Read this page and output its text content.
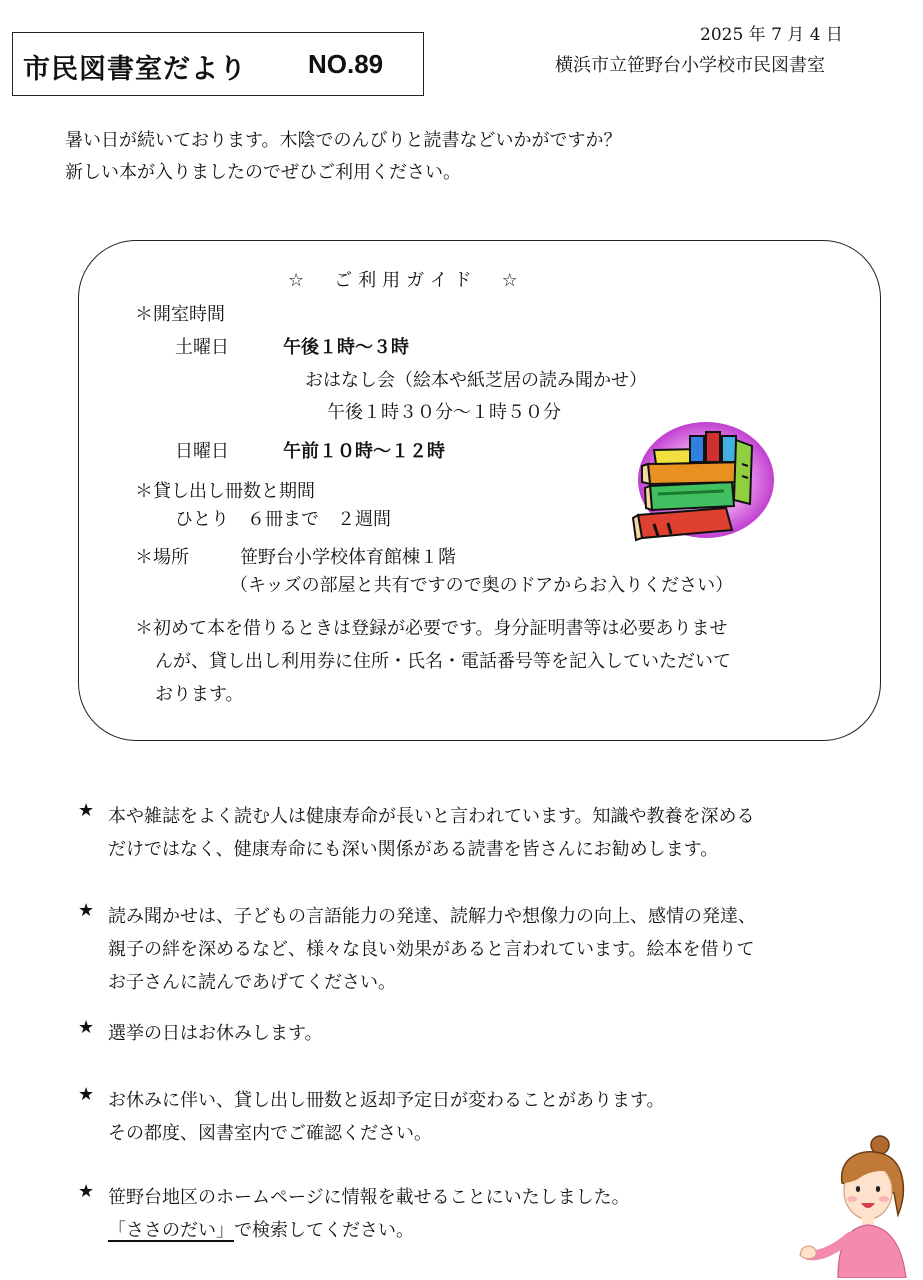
市民図書室だより NO.89
2025 年 7 月 4 日
横浜市立笹野台小学校市民図書室
暑い日が続いております。木陰でのんびりと読書などいかがですか？
新しい本が入りましたのでぜひご利用ください。
☆　ご利用ガイド　☆
＊開室時間
土曜日	午後１時～３時
おはなし会（絵本や紙芝居の読み聞かせ）
午後１時３０分～１時５０分
日曜日	午前１０時～１２時
＊貸し出し冊数と期間
ひとり　６冊まで　２週間
＊場所	笹野台小学校体育館棟１階
（キッズの部屋と共有ですので奥のドアからお入りください）
＊初めて本を借りるときは登録が必要です。身分証明書等は必要ありませ
んが、貸し出し利用券に住所・氏名・電話番号等を記入していただいて
おります。
★ 本や雑誌をよく読む人は健康寿命が長いと言われています。知識や教養を深める
だけではなく、健康寿命にも深い関係がある読書を皆さんにお勧めします。
★ 読み聞かせは、子どもの言語能力の発達、読解力や想像力の向上、感情の発達、
親子の絆を深めるなど、様々な良い効果があると言われています。絵本を借りて
お子さんに読んであげてください。
★ 選挙の日はお休みします。
★ お休みに伴い、貸し出し冊数と返却予定日が変わることがあります。
その都度、図書室内でご確認ください。
★ 笹野台地区のホームページに情報を載せることにいたしました。
「ささのだい」で検索してください。
